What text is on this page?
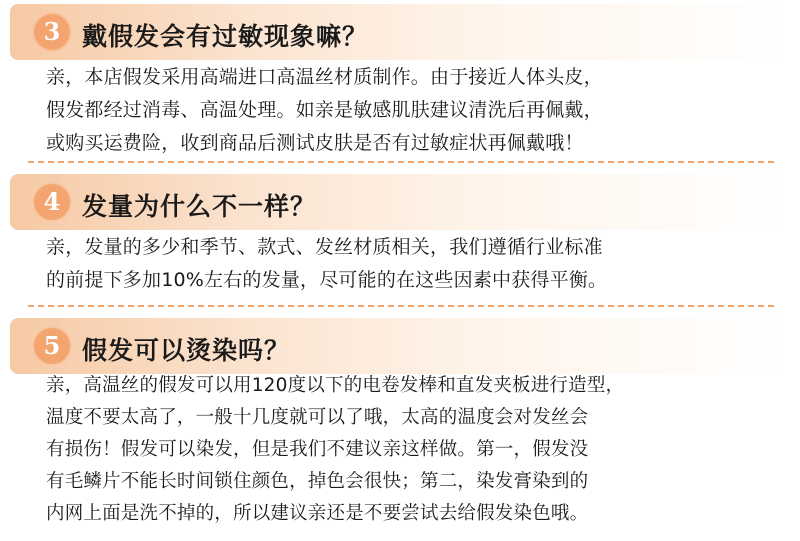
3 戴假发会有过敏现象嘛？
亲，本店假发采用高端进口高温丝材质制作。由于接近人体头皮，
假发都经过消毒、高温处理。如亲是敏感肌肤建议清洗后再佩戴，
或购买运费险，收到商品后测试皮肤是否有过敏症状再佩戴哦！
4 发量为什么不一样？
亲，发量的多少和季节、款式、发丝材质相关，我们遵循行业标准
的前提下多加10%左右的发量，尽可能的在这些因素中获得平衡。
5 假发可以烫染吗？
亲，高温丝的假发可以用120度以下的电卷发棒和直发夹板进行造型，
温度不要太高了，一般十几度就可以了哦，太高的温度会对发丝会
有损伤！假发可以染发，但是我们不建议亲这样做。第一，假发没
有毛鳞片不能长时间锁住颜色，掉色会很快；第二，染发膏染到的
内网上面是洗不掉的，所以建议亲还是不要尝试去给假发染色哦。
